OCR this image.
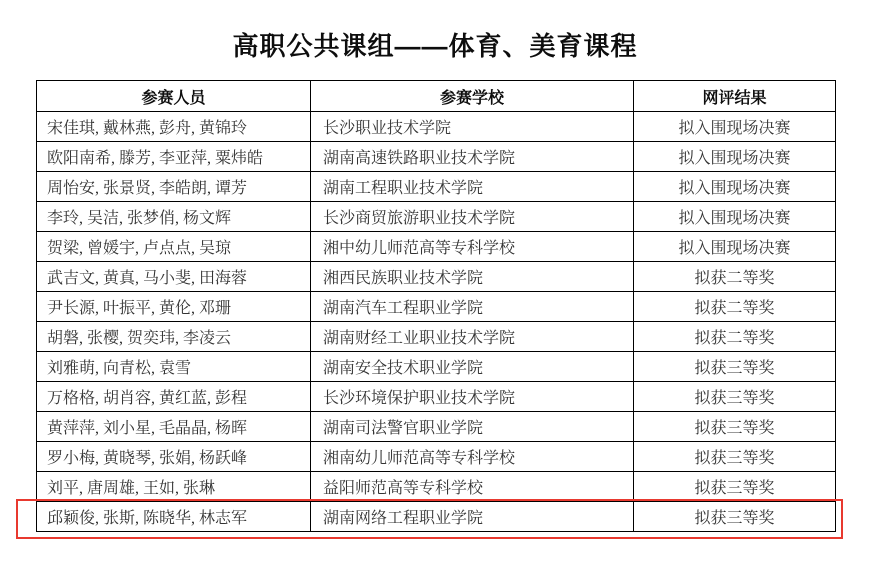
高职公共课组——体育、美育课程
参赛人员	参赛学校	网评结果
宋佳琪, 戴林燕, 彭舟, 黄锦玲	长沙职业技术学院	拟入围现场决赛
欧阳南希, 滕芳, 李亚萍, 粟炜皓	湖南高速铁路职业技术学院	拟入围现场决赛
周怡安, 张景贤, 李皓朗, 谭芳	湖南工程职业技术学院	拟入围现场决赛
李玲, 吴洁, 张梦俏, 杨文辉	长沙商贸旅游职业技术学院	拟入围现场决赛
贺梁, 曾媛宇, 卢点点, 吴琼	湘中幼儿师范高等专科学校	拟入围现场决赛
武吉文, 黄真, 马小斐, 田海蓉	湘西民族职业技术学院	拟获二等奖
尹长源, 叶振平, 黄伦, 邓珊	湖南汽车工程职业学院	拟获二等奖
胡磐, 张樱, 贺奕玮, 李凌云	湖南财经工业职业技术学院	拟获二等奖
刘雅萌, 向青松, 袁雪	湖南安全技术职业学院	拟获三等奖
万格格, 胡肖容, 黄红蓝, 彭程	长沙环境保护职业技术学院	拟获三等奖
黄萍萍, 刘小星, 毛晶晶, 杨晖	湖南司法警官职业学院	拟获三等奖
罗小梅, 黄晓琴, 张娟, 杨跃峰	湘南幼儿师范高等专科学校	拟获三等奖
刘平, 唐周雄, 王如, 张琳	益阳师范高等专科学校	拟获三等奖
邱颖俊, 张斯, 陈晓华, 林志军	湖南网络工程职业学院	拟获三等奖
